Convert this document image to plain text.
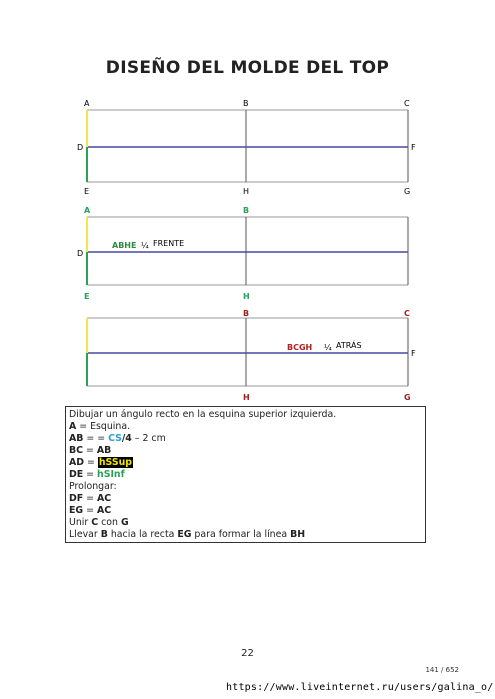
DISEÑO DEL MOLDE DEL TOP
A	B	C
D	F
E	H	G
A	B
D
E	H
ABHE ¼ FRENTE
B	C
F
H	G
BCGH ¼ ATRÁS
Dibujar un ángulo recto en la esquina superior izquierda.
A = Esquina.
AB = = CS/4 – 2 cm
BC = AB
AD = hSSup
DE = hSInf
Prolongar:
DF = AC
EG = AC
Unir C con G
Llevar B hacia la recta EG para formar la línea BH
22
141 / 652
https://www.liveinternet.ru/users/galina_o/
